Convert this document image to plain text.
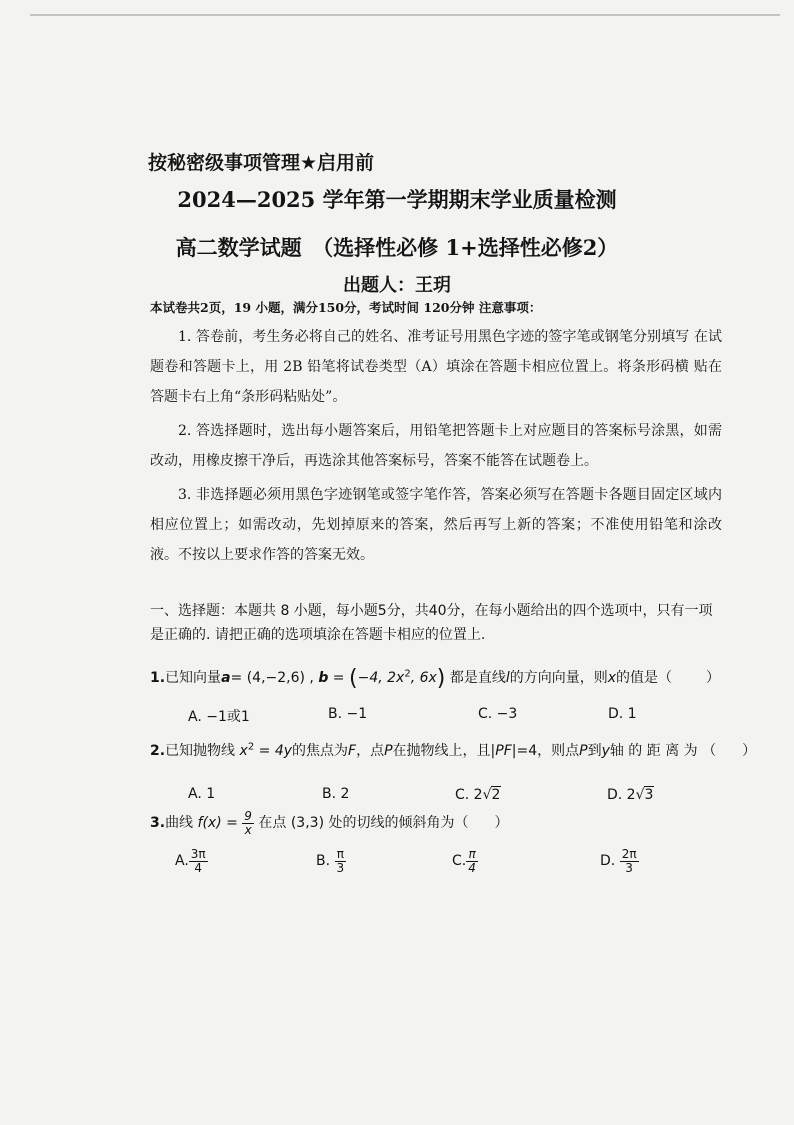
按秘密级事项管理★启用前
2024—2025 学年第一学期期末学业质量检测
高二数学试题　（选择性必修 1+选择性必修2）
出题人：王玥
本试卷共2页，19 小题，满分150分，考试时间 120分钟 注意事项：

1. 答卷前，考生务必将自己的姓名、准考证号用黑色字迹的签字笔或钢笔分别填写 在试题卷和答题卡上，用 2B 铅笔将试卷类型（A）填涂在答题卡相应位置上。将条形码横 贴在答题卡右上角“条形码粘贴处”。

2. 答选择题时，选出每小题答案后，用铅笔把答题卡上对应题目的答案标号涂黑，如需改动，用橡皮擦干净后，再选涂其他答案标号，答案不能答在试题卷上。

3. 非选择题必须用黑色字迹钢笔或签字笔作答，答案必须写在答题卡各题目固定区域内相应位置上；如需改动，先划掉原来的答案，然后再写上新的答案；不准使用铅笔和涂改液。不按以上要求作答的答案无效。

一、选择题：本题共 8 小题，每小题5分，共40分，在每小题给出的四个选项中，只有一项是正确的. 请把正确的选项填涂在答题卡相应的位置上.
1.已知向量a= (4,−2,6) , b = (−4, $2x^2$, 6x) 都是直线l的方向向量，则x的值是（ ）
A. −1或1	B. −1	C. −3	D. 1
2.已知抛物线 $x^2 = 4y$的焦点为F，点P在抛物线上，且|PF|=4，则点P到y轴 的 距 离 为 （ ）
A. 1	B. 2	C. 2√2	D. 2√3
3.曲线 $f(x) = \frac{9}{x}$ 在点 (3,3) 处的切线的倾斜角为（ ）
A. $\frac{3\pi}{4}$	B. $\frac{\pi}{3}$	C. $\frac{\pi}{4}$	D. $\frac{2\pi}{3}$
